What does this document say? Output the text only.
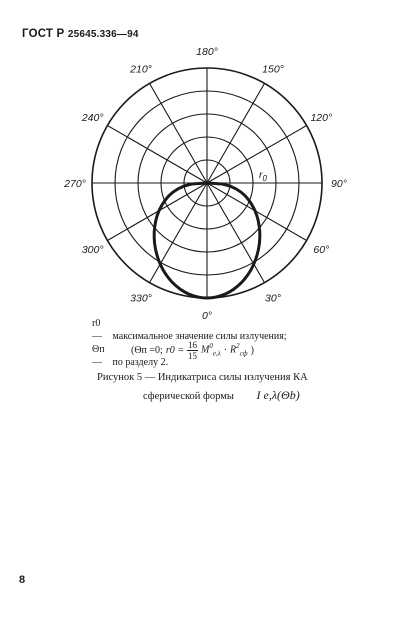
ГОСТ Р 25645.336—94
180°
150°
120°
90°
60°
30°
0°
330°
300°
270°
240°
210°
$r_0$
r0 — максимальное значение силы излучения;
Θп— по разделу 2.
(Θп =0; $r0 = \frac{16}{15} M^0_{e,\lambda} \cdot R^2_{сф}$ )
Рисунок 5 — Индикатриса силы излучения КА
сферической формы I e,λ(Θb)
8
